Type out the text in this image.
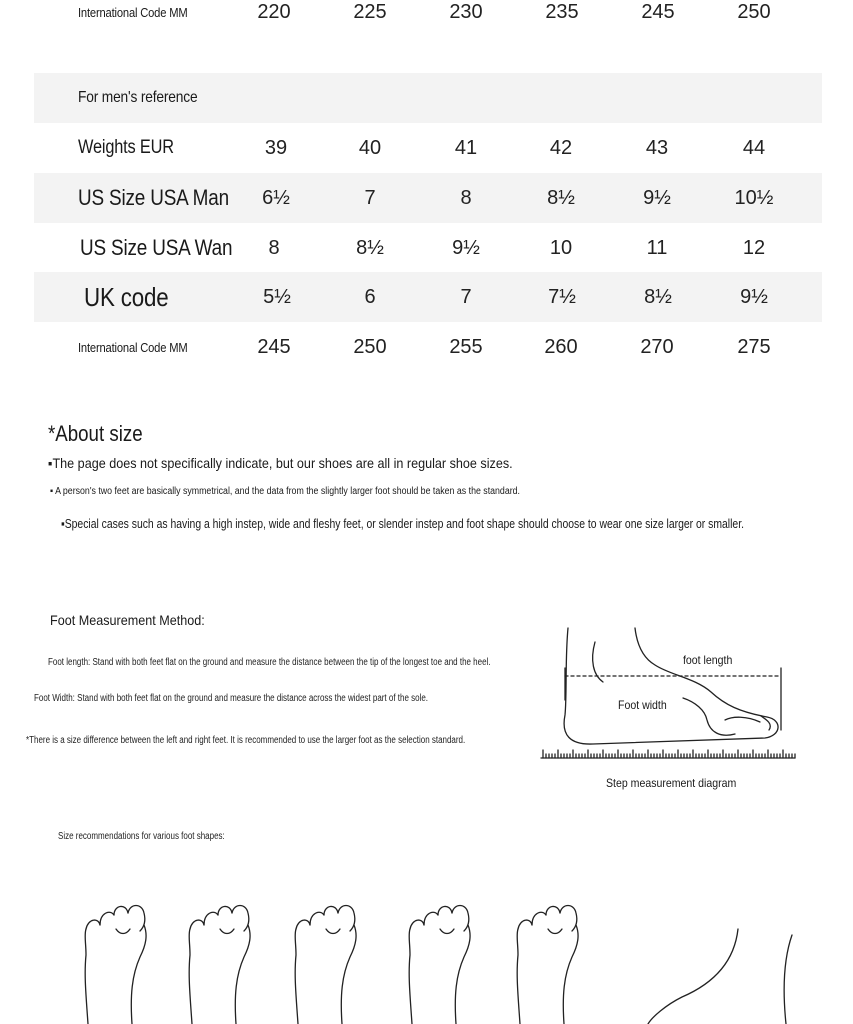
International Code MM	220	225	230	235	245	250
For men's reference
Weights EUR	39	40	41	42	43	44
US Size USA Man	6½	7	8	8½	9½	10½
US Size USA Wan	8	8½	9½	10	11	12
UK code	5½	6	7	7½	8½	9½
International Code MM	245	250	255	260	270	275
*About size
▪The page does not specifically indicate, but our shoes are all in regular shoe sizes.
▪ A person's two feet are basically symmetrical, and the data from the slightly larger foot should be taken as the standard.
▪Special cases such as having a high instep, wide and fleshy feet, or slender instep and foot shape should choose to wear one size larger or smaller.
Foot Measurement Method:
Foot length: Stand with both feet flat on the ground and measure the distance between the tip of the longest toe and the heel.
Foot Width: Stand with both feet flat on the ground and measure the distance across the widest part of the sole.
*There is a size difference between the left and right feet. It is recommended to use the larger foot as the selection standard.
foot length
Foot width
Step measurement diagram
Size recommendations for various foot shapes:
